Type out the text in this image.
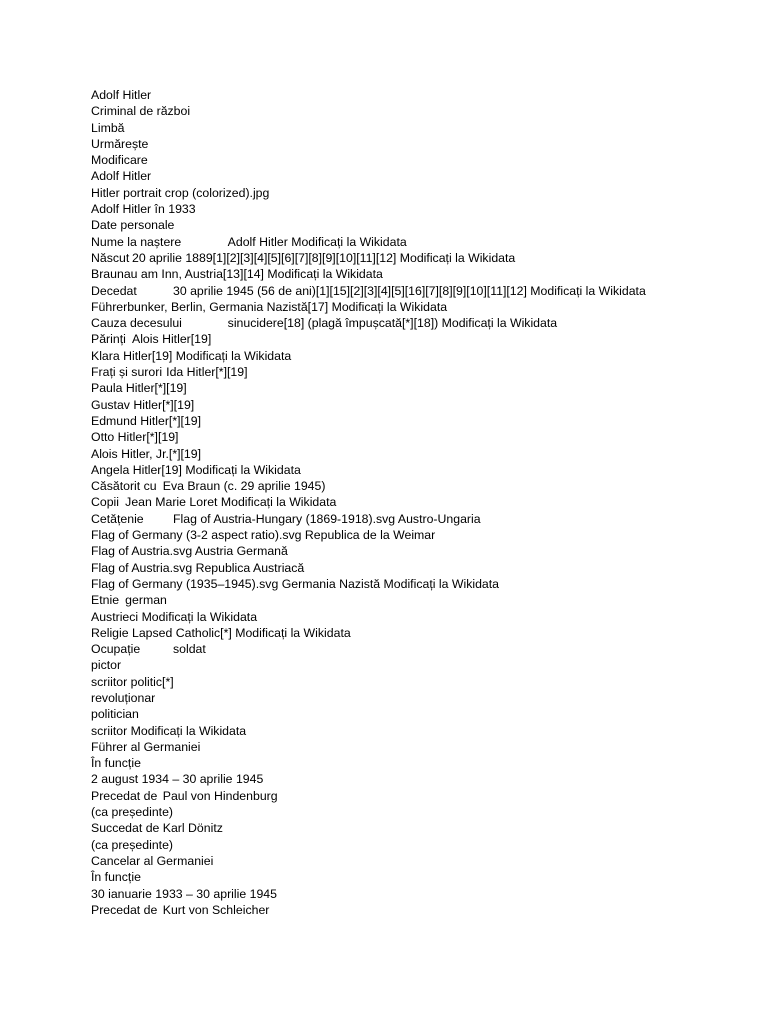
Adolf Hitler
Criminal de război
Limbă
Urmărește
Modificare
Adolf Hitler
Hitler portrait crop (colorized).jpg
Adolf Hitler în 1933
Date personale
Nume la naștere		Adolf Hitler Modificați la Wikidata
Născut	20 aprilie 1889[1][2][3][4][5][6][7][8][9][10][11][12] Modificați la Wikidata
Braunau am Inn, Austria[13][14] Modificați la Wikidata
Decedat		30 aprilie 1945 (56 de ani)[1][15][2][3][4][5][16][7][8][9][10][11][12] Modificați la Wikidata
Führerbunker, Berlin, Germania Nazistă[17] Modificați la Wikidata
Cauza decesului		sinucidere[18] (plagă împușcată[*][18]) Modificați la Wikidata
Părinți	Alois Hitler[19]
Klara Hitler[19] Modificați la Wikidata
Frați și surori	Ida Hitler[*][19]
Paula Hitler[*][19]
Gustav Hitler[*][19]
Edmund Hitler[*][19]
Otto Hitler[*][19]
Alois Hitler, Jr.[*][19]
Angela Hitler[19] Modificați la Wikidata
Căsătorit cu	Eva Braun (c. 29 aprilie 1945)
Copii	Jean Marie Loret Modificați la Wikidata
Cetățenie		Flag of Austria-Hungary (1869-1918).svg Austro-Ungaria
Flag of Germany (3-2 aspect ratio).svg Republica de la Weimar
Flag of Austria.svg Austria Germană
Flag of Austria.svg Republica Austriacă
Flag of Germany (1935–1945).svg Germania Nazistă Modificați la Wikidata
Etnie	german
Austrieci Modificați la Wikidata
Religie	Lapsed Catholic[*] Modificați la Wikidata
Ocupație		soldat
pictor
scriitor politic[*]
revoluționar
politician
scriitor Modificați la Wikidata
Führer al Germaniei
În funcție
2 august 1934 – 30 aprilie 1945
Precedat de	Paul von Hindenburg
(ca președinte)
Succedat de	Karl Dönitz
(ca președinte)
Cancelar al Germaniei
În funcție
30 ianuarie 1933 – 30 aprilie 1945
Precedat de	Kurt von Schleicher
